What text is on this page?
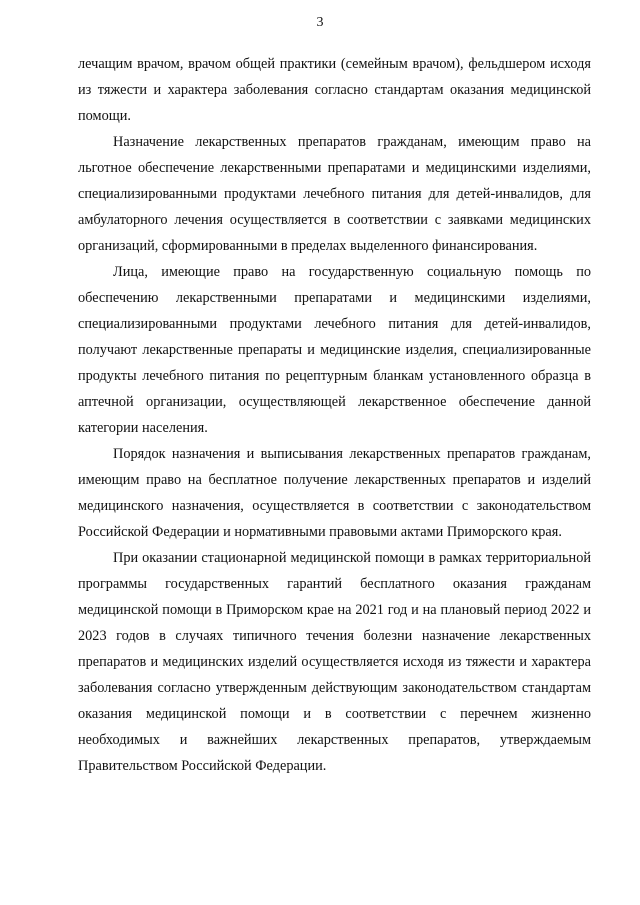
3

лечащим врачом, врачом общей практики (семейным врачом), фельдшером исходя из тяжести и характера заболевания согласно стандартам оказания медицинской помощи.

Назначение лекарственных препаратов гражданам, имеющим право на льготное обеспечение лекарственными препаратами и медицинскими изделиями, специализированными продуктами лечебного питания для детей-инвалидов, для амбулаторного лечения осуществляется в соответствии с заявками медицинских организаций, сформированными в пределах выделенного финансирования.

Лица, имеющие право на государственную социальную помощь по обеспечению лекарственными препаратами и медицинскими изделиями, специализированными продуктами лечебного питания для детей-инвалидов, получают лекарственные препараты и медицинские изделия, специализированные продукты лечебного питания по рецептурным бланкам установленного образца в аптечной организации, осуществляющей лекарственное обеспечение данной категории населения.

Порядок назначения и выписывания лекарственных препаратов гражданам, имеющим право на бесплатное получение лекарственных препаратов и изделий медицинского назначения, осуществляется в соответствии с законодательством Российской Федерации и нормативными правовыми актами Приморского края.

При оказании стационарной медицинской помощи в рамках территориальной программы государственных гарантий бесплатного оказания гражданам медицинской помощи в Приморском крае на 2021 год и на плановый период 2022 и 2023 годов в случаях типичного течения болезни назначение лекарственных препаратов и медицинских изделий осуществляется исходя из тяжести и характера заболевания согласно утвержденным действующим законодательством стандартам оказания медицинской помощи и в соответствии с перечнем жизненно необходимых и важнейших лекарственных препаратов, утверждаемым Правительством Российской Федерации.
